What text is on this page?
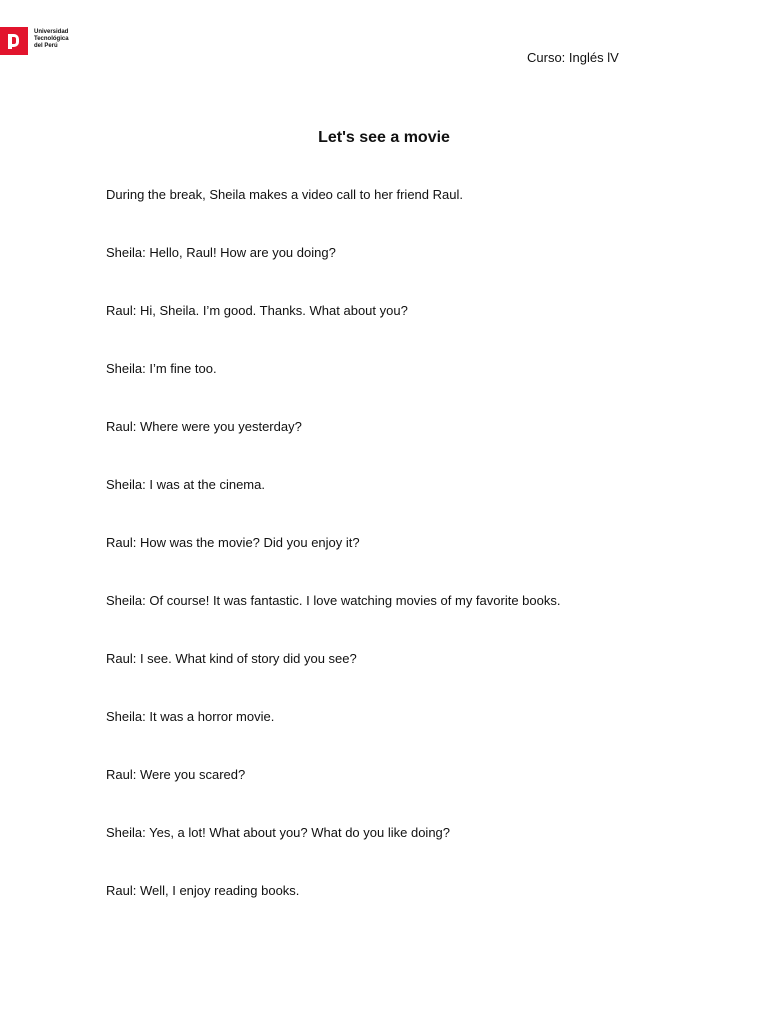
Universidad
Tecnológica
del Perú
Curso: Inglés lV
Let's see a movie

During the break, Sheila makes a video call to her friend Raul.

Sheila: Hello, Raul! How are you doing?

Raul: Hi, Sheila. I’m good. Thanks. What about you?

Sheila: I’m fine too.

Raul: Where were you yesterday?

Sheila: I was at the cinema.

Raul: How was the movie? Did you enjoy it?

Sheila: Of course! It was fantastic. I love watching movies of my favorite books.

Raul: I see. What kind of story did you see?

Sheila: It was a horror movie.

Raul: Were you scared?

Sheila: Yes, a lot! What about you? What do you like doing?

Raul: Well, I enjoy reading books.
